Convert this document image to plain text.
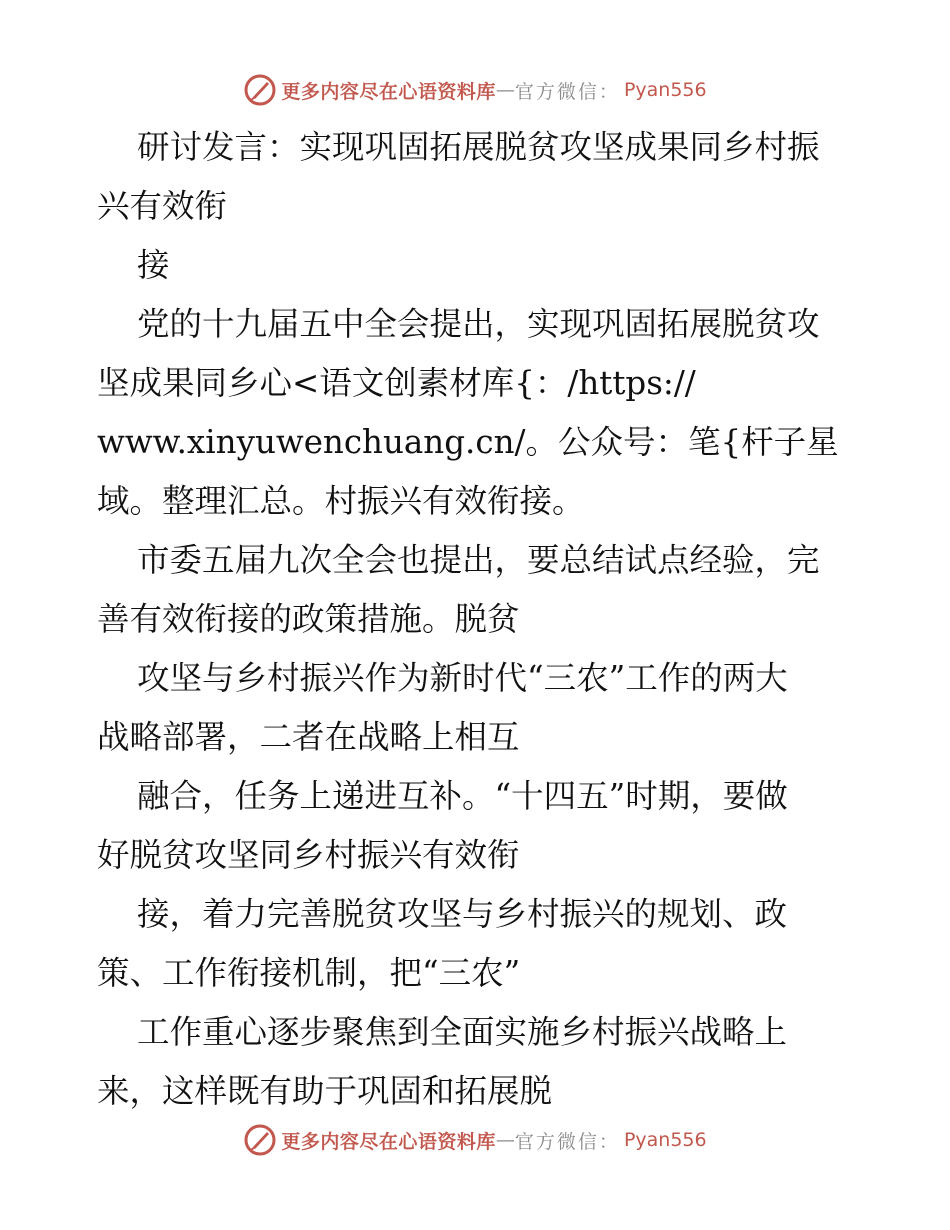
更多内容尽在心语资料库 — 官方微信： Pyan556
研讨发言：实现巩固拓展脱贫攻坚成果同乡村振
兴有效衔
接
党的十九届五中全会提出，实现巩固拓展脱贫攻
坚成果同乡心<语文创素材库{：/https://
www.xinyuwenchuang.cn/。公众号：笔{杆子星
域。整理汇总。村振兴有效衔接。
市委五届九次全会也提出，要总结试点经验，完
善有效衔接的政策措施。脱贫
攻坚与乡村振兴作为新时代“三农”工作的两大
战略部署，二者在战略上相互
融合，任务上递进互补。“十四五”时期，要做
好脱贫攻坚同乡村振兴有效衔
接，着力完善脱贫攻坚与乡村振兴的规划、政
策、工作衔接机制，把“三农”
工作重心逐步聚焦到全面实施乡村振兴战略上
来，这样既有助于巩固和拓展脱
更多内容尽在心语资料库 — 官方微信： Pyan556
